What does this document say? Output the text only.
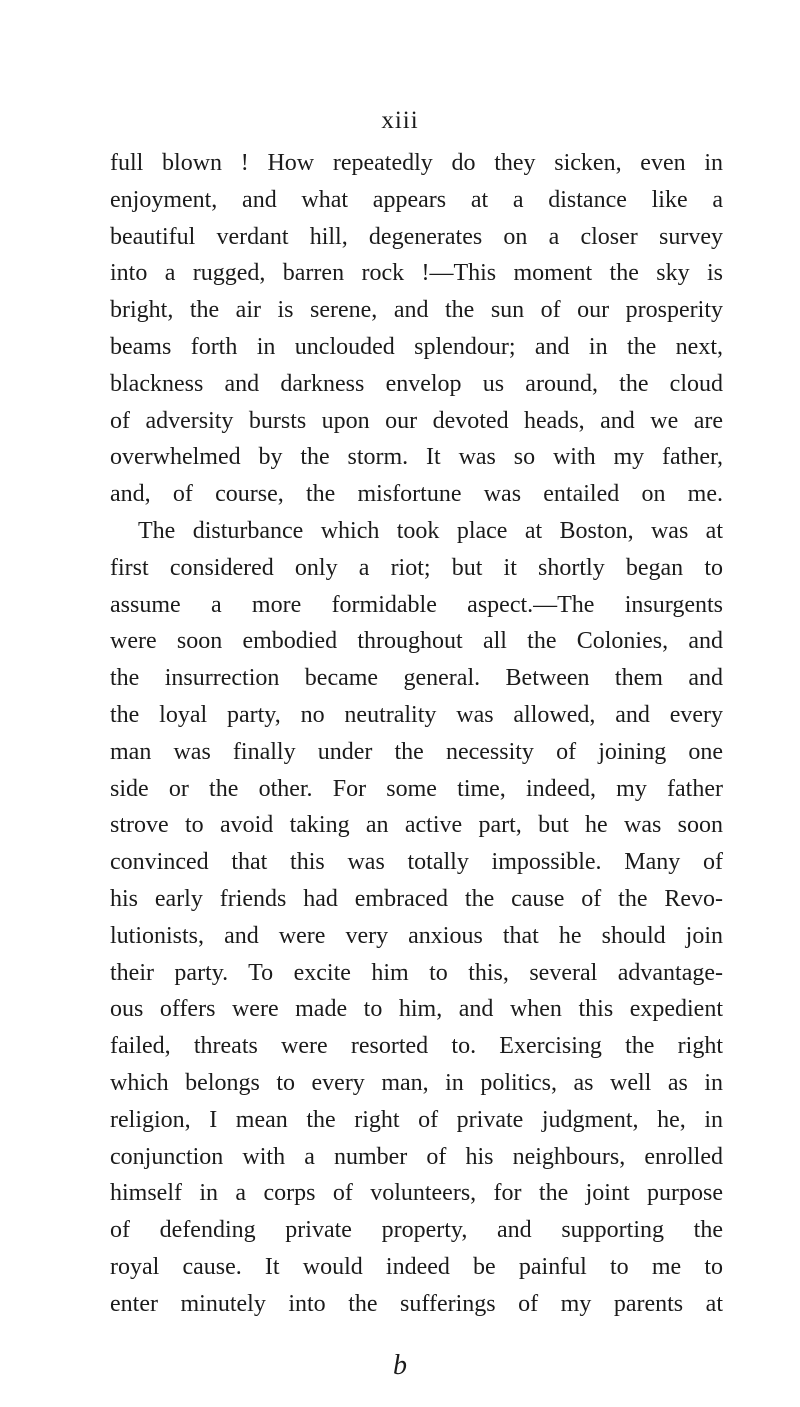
xiii
full blown ! How repeatedly do they sicken, even in
enjoyment, and what appears at a distance like a
beautiful verdant hill, degenerates on a closer survey
into a rugged, barren rock !—This moment the sky is
bright, the air is serene, and the sun of our prosperity
beams forth in unclouded splendour; and in the next,
blackness and darkness envelop us around, the cloud
of adversity bursts upon our devoted heads, and we are
overwhelmed by the storm. It was so with my father,
and, of course, the misfortune was entailed on me.
The disturbance which took place at Boston, was at
first considered only a riot; but it shortly began to
assume a more formidable aspect.—The insurgents
were soon embodied throughout all the Colonies, and
the insurrection became general. Between them and
the loyal party, no neutrality was allowed, and every
man was finally under the necessity of joining one
side or the other. For some time, indeed, my father
strove to avoid taking an active part, but he was soon
convinced that this was totally impossible. Many of
his early friends had embraced the cause of the Revo-
lutionists, and were very anxious that he should join
their party. To excite him to this, several advantage-
ous offers were made to him, and when this expedient
failed, threats were resorted to. Exercising the right
which belongs to every man, in politics, as well as in
religion, I mean the right of private judgment, he, in
conjunction with a number of his neighbours, enrolled
himself in a corps of volunteers, for the joint purpose
of defending private property, and supporting the
royal cause. It would indeed be painful to me to
enter minutely into the sufferings of my parents at
b
